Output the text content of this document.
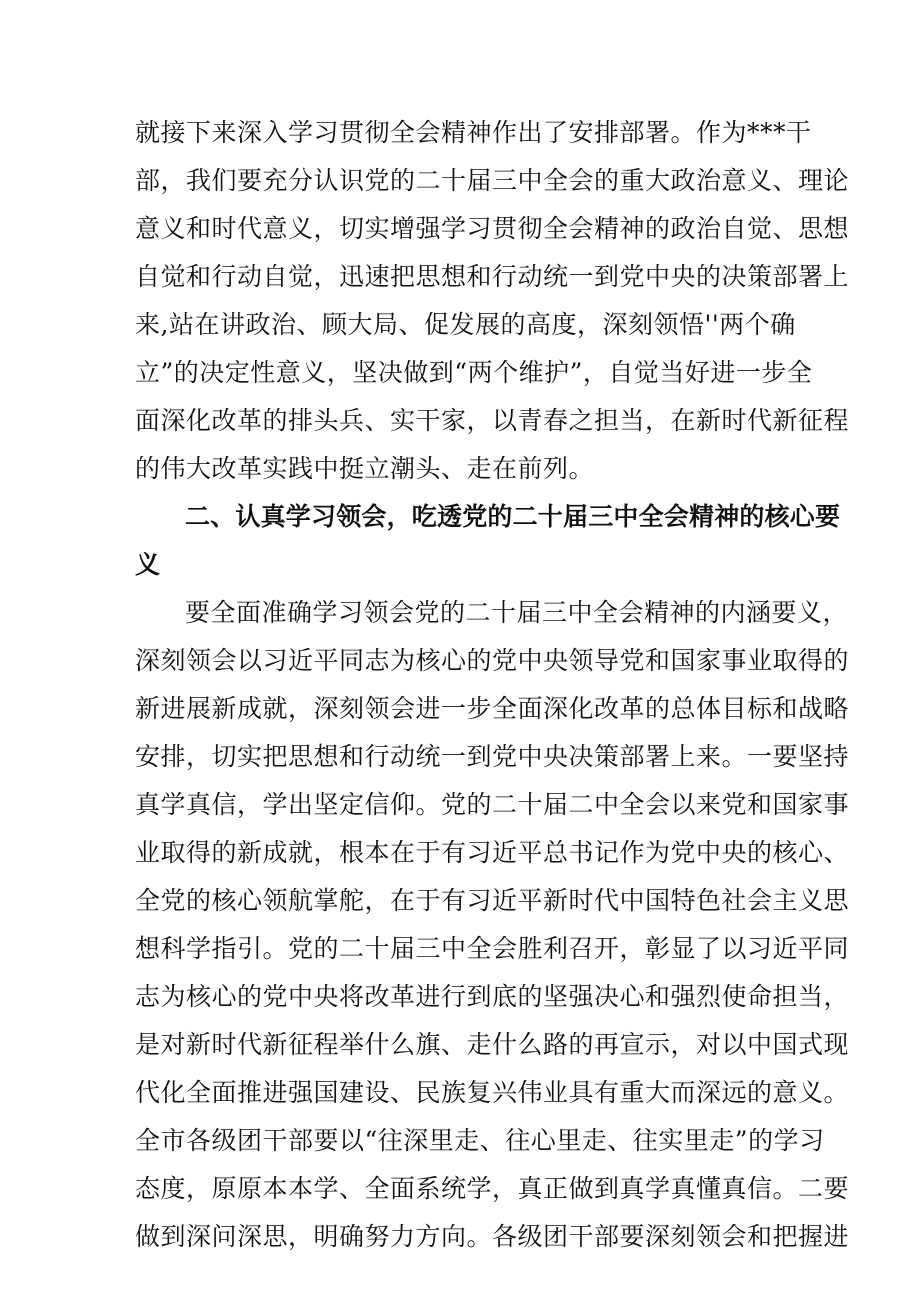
就接下来深入学习贯彻全会精神作出了安排部署。作为***干
部，我们要充分认识党的二十届三中全会的重大政治意义、理论
意义和时代意义，切实增强学习贯彻全会精神的政治自觉、思想
自觉和行动自觉，迅速把思想和行动统一到党中央的决策部署上
来,站在讲政治、顾大局、促发展的高度，深刻领悟''两个确
立”的决定性意义，坚决做到“两个维护”，自觉当好进一步全
面深化改革的排头兵、实干家，以青春之担当，在新时代新征程
的伟大改革实践中挺立潮头、走在前列。
二、认真学习领会，吃透党的二十届三中全会精神的核心要
义
要全面准确学习领会党的二十届三中全会精神的内涵要义，
深刻领会以习近平同志为核心的党中央领导党和国家事业取得的
新进展新成就，深刻领会进一步全面深化改革的总体目标和战略
安排，切实把思想和行动统一到党中央决策部署上来。一要坚持
真学真信，学出坚定信仰。党的二十届二中全会以来党和国家事
业取得的新成就，根本在于有习近平总书记作为党中央的核心、
全党的核心领航掌舵，在于有习近平新时代中国特色社会主义思
想科学指引。党的二十届三中全会胜利召开，彰显了以习近平同
志为核心的党中央将改革进行到底的坚强决心和强烈使命担当，
是对新时代新征程举什么旗、走什么路的再宣示，对以中国式现
代化全面推进强国建设、民族复兴伟业具有重大而深远的意义。
全市各级团干部要以“往深里走、往心里走、往实里走”的学习
态度，原原本本学、全面系统学，真正做到真学真懂真信。二要
做到深问深思，明确努力方向。各级团干部要深刻领会和把握进
